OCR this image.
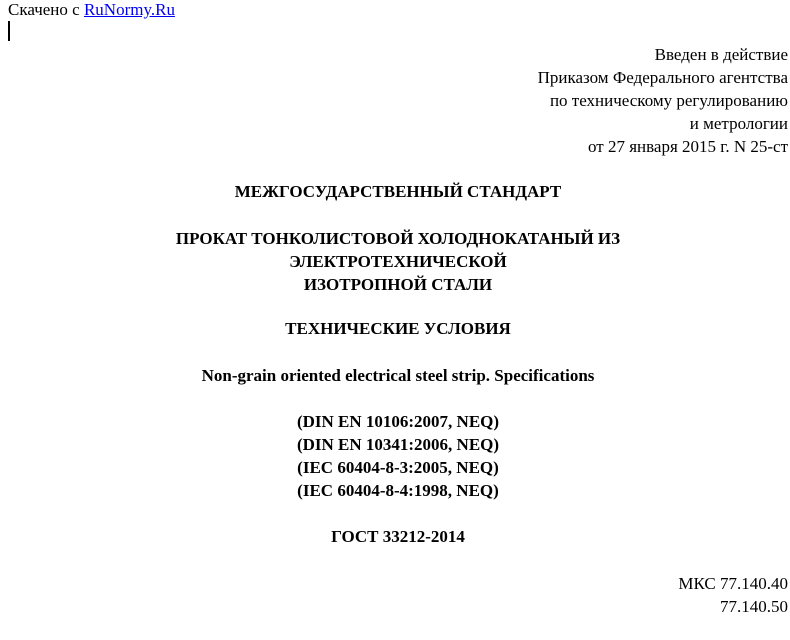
Скачено с RuNormy.Ru
Введен в действие
Приказом Федерального агентства
по техническому регулированию
и метрологии
от 27 января 2015 г. N 25-ст
МЕЖГОСУДАРСТВЕННЫЙ СТАНДАРТ
ПРОКАТ ТОНКОЛИСТОВОЙ ХОЛОДНОКАТАНЫЙ ИЗ
ЭЛЕКТРОТЕХНИЧЕСКОЙ
ИЗОТРОПНОЙ СТАЛИ
ТЕХНИЧЕСКИЕ УСЛОВИЯ
Non-grain oriented electrical steel strip. Specifications
(DIN EN 10106:2007, NEQ)
(DIN EN 10341:2006, NEQ)
(IEC 60404-8-3:2005, NEQ)
(IEC 60404-8-4:1998, NEQ)
ГОСТ 33212-2014
МКС 77.140.40
77.140.50
